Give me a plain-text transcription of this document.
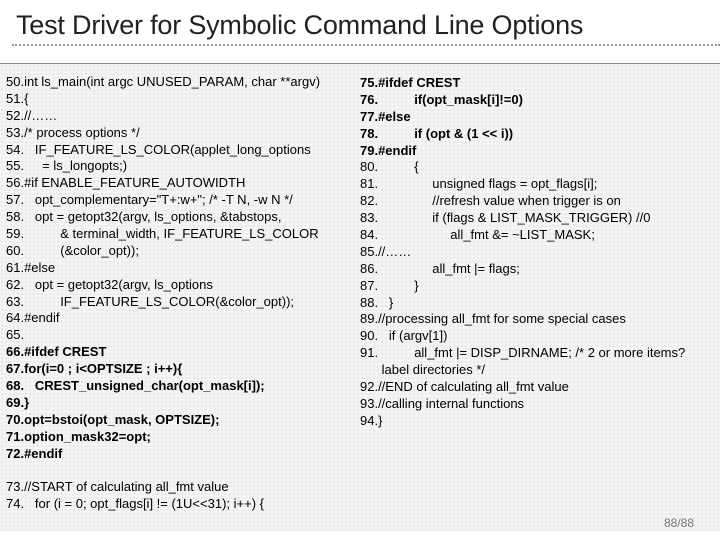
Test Driver for Symbolic Command Line Options
50.int ls_main(int argc UNUSED_PARAM, char **argv)
51.{
52.//……
53./* process options */
54.   IF_FEATURE_LS_COLOR(applet_long_options
55.     = ls_longopts;)
56.#if ENABLE_FEATURE_AUTOWIDTH
57.   opt_complementary="T+:w+"; /* -T N, -w N */
58.   opt = getopt32(argv, ls_options, &tabstops,
59.          & terminal_width, IF_FEATURE_LS_COLOR
60.          (&color_opt));
61.#else
62.   opt = getopt32(argv, ls_options
63.          IF_FEATURE_LS_COLOR(&color_opt));
64.#endif
65.
66.#ifdef CREST
67.for(i=0 ; i<OPTSIZE ; i++){
68.   CREST_unsigned_char(opt_mask[i]);
69.}
70.opt=bstoi(opt_mask, OPTSIZE);
71.option_mask32=opt;
72.#endif
75.#ifdef CREST
76.          if(opt_mask[i]!=0)
77.#else
78.          if (opt & (1 << i))
79.#endif
80.          {
81.               unsigned flags = opt_flags[i];
82.               //refresh value when trigger is on
83.               if (flags & LIST_MASK_TRIGGER) //0
84.                    all_fmt &= ~LIST_MASK;
85.//……
86.               all_fmt |= flags;
87.          }
88.   }
89.//processing all_fmt for some special cases
90.   if (argv[1])
91.          all_fmt |= DISP_DIRNAME; /* 2 or more items?
label directories */
92.//END of calculating all_fmt value
93.//calling internal functions
94.}
73.//START of calculating all_fmt value
74.   for (i = 0; opt_flags[i] != (1U<<31); i++) {
88/88
